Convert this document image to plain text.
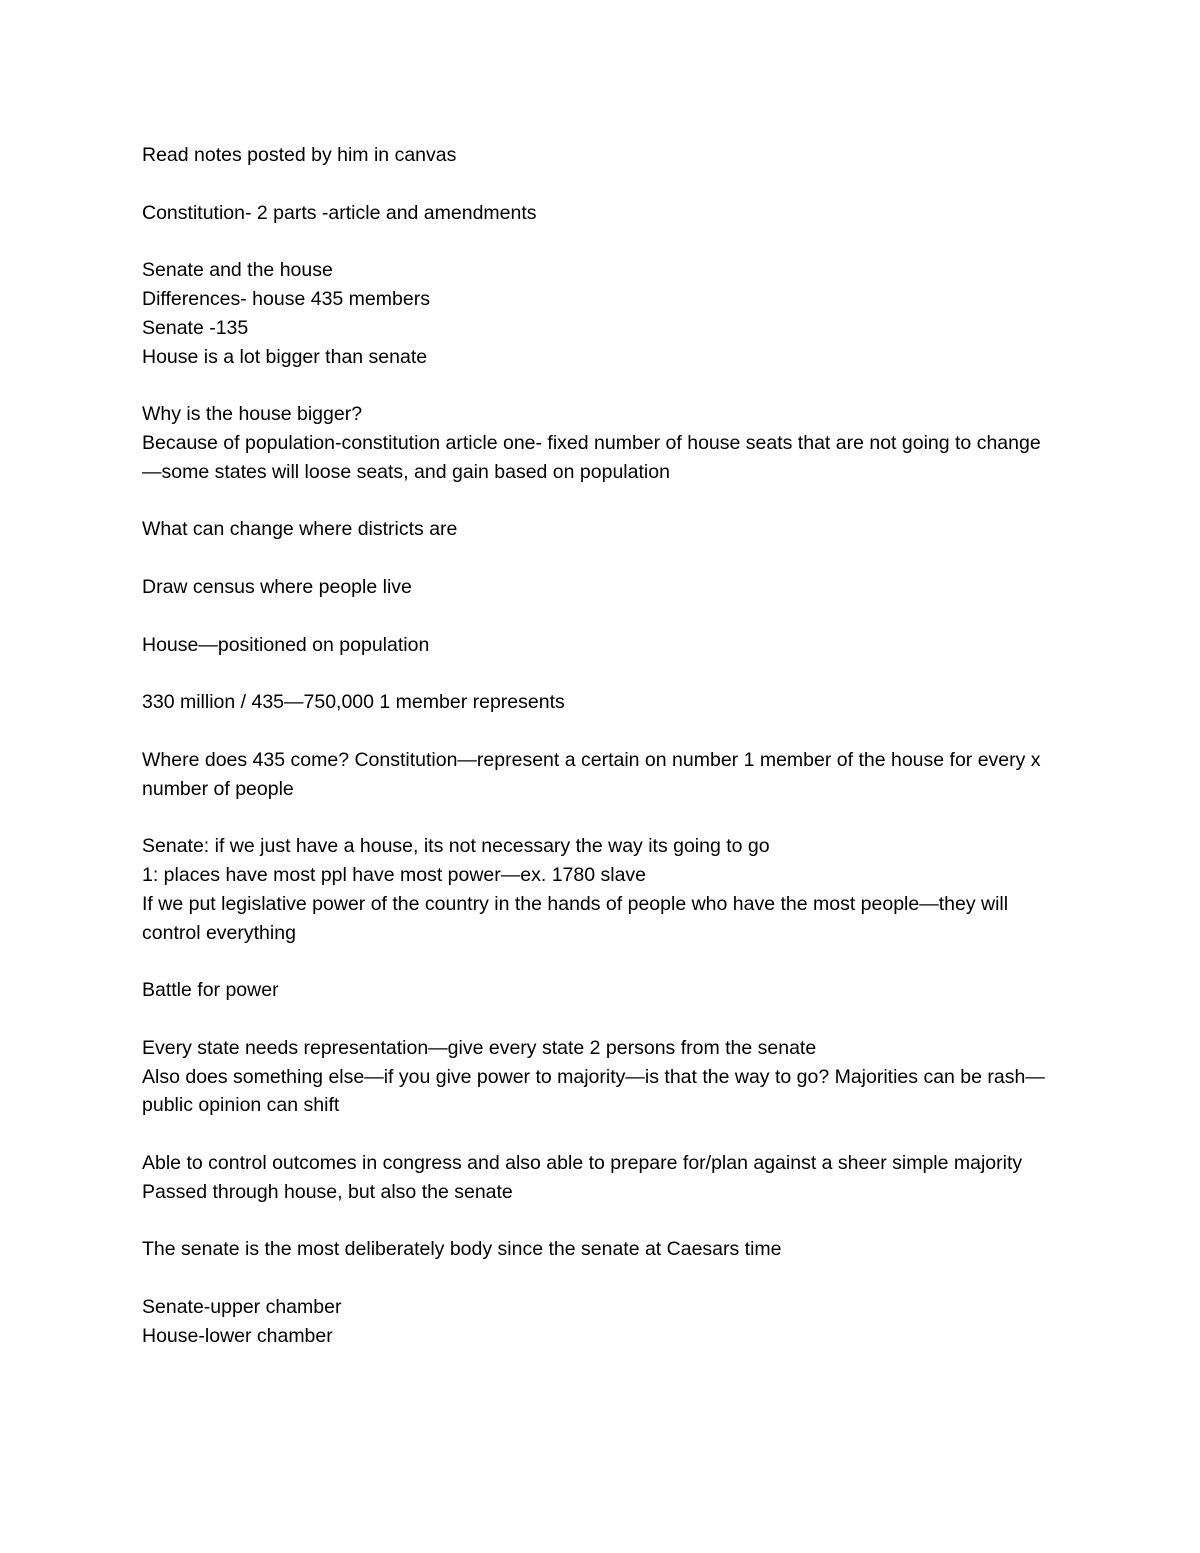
Read notes posted by him in canvas
Constitution- 2 parts -article and amendments
Senate and the house
Differences- house 435 members
Senate -135
House is a lot bigger than senate
Why is the house bigger?
Because of population-constitution article one- fixed number of house seats that are not going to change—some states will loose seats, and gain based on population
What can change where districts are
Draw census where people live
House—positioned on population
330 million / 435—750,000 1 member represents
Where does 435 come? Constitution—represent a certain on number 1 member of the house for every x number of people
Senate: if we just have a house, its not necessary the way its going to go
1: places have most ppl have most power—ex. 1780 slave
If we put legislative power of the country in the hands of people who have the most people—they will control everything
Battle for power
Every state needs representation—give every state 2 persons from the senate
Also does something else—if you give power to majority—is that the way to go? Majorities can be rash—public opinion can shift
Able to control outcomes in congress and also able to prepare for/plan against a sheer simple majority
Passed through house, but also the senate
The senate is the most deliberately body since the senate at Caesars time
Senate-upper chamber
House-lower chamber
